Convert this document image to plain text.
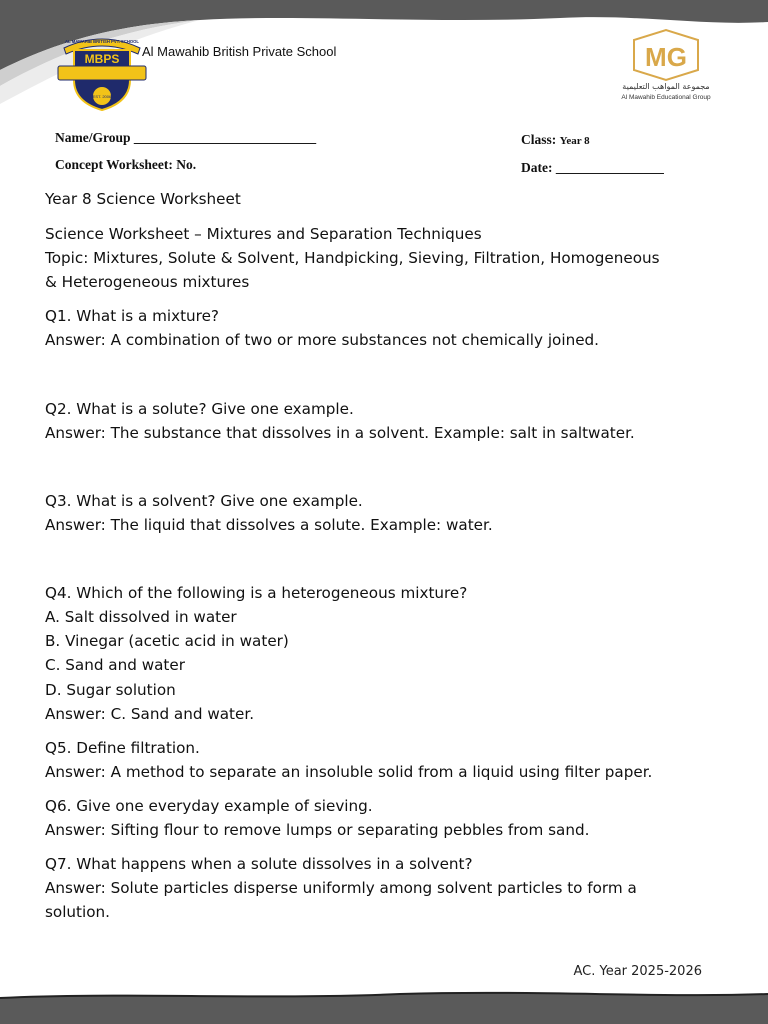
AL MAWAHIB BRITISH PVT. SCHOOL
MBPS
EST. 2006
Al Mawahib British Private School	MG
مجموعة المواهب التعليمية
Al Mawahib Educational Group
Name/Group ___________________________	Class: Year 8
Concept Worksheet: No.	Date: ________________
Year 8 Science Worksheet
Science Worksheet – Mixtures and Separation Techniques
Topic: Mixtures, Solute & Solvent, Handpicking, Sieving, Filtration, Homogeneous
& Heterogeneous mixtures
Q1. What is a mixture?
Answer: A combination of two or more substances not chemically joined.
Q2. What is a solute? Give one example.
Answer: The substance that dissolves in a solvent. Example: salt in saltwater.
Q3. What is a solvent? Give one example.
Answer: The liquid that dissolves a solute. Example: water.
Q4. Which of the following is a heterogeneous mixture?
A. Salt dissolved in water
B. Vinegar (acetic acid in water)
C. Sand and water
D. Sugar solution
Answer: C. Sand and water.
Q5. Define filtration.
Answer: A method to separate an insoluble solid from a liquid using filter paper.
Q6. Give one everyday example of sieving.
Answer: Sifting flour to remove lumps or separating pebbles from sand.
Q7. What happens when a solute dissolves in a solvent?
Answer: Solute particles disperse uniformly among solvent particles to form a
solution.
AC. Year 2025-2026
